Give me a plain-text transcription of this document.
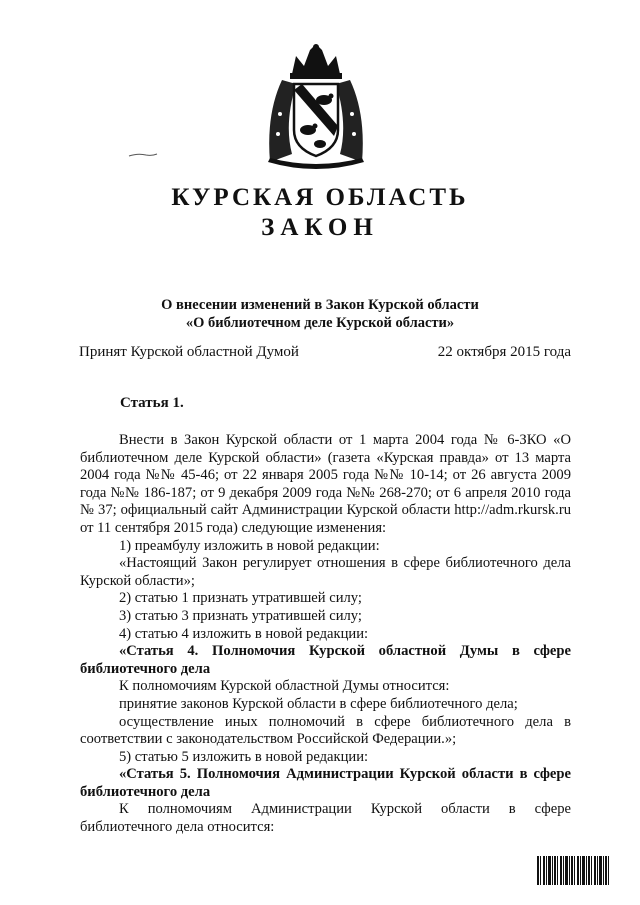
КУРСКАЯ ОБЛАСТЬ
ЗАКОН
О внесении изменений в Закон Курской области
«О библиотечном деле Курской области»
Принят Курской областной Думой	22 октября 2015 года
Статья 1.

Внести в Закон Курской области от 1 марта 2004 года № 6-ЗКО «О библиотечном деле Курской области» (газета «Курская правда» от 13 марта 2004 года №№ 45-46; от 22 января 2005 года №№ 10-14; от 26 августа 2009 года №№ 186-187; от 9 декабря 2009 года №№ 268-270; от 6 апреля 2010 года № 37; официальный сайт Администрации Курской области http://adm.rkursk.ru от 11 сентября 2015 года) следующие изменения:

1) преамбулу изложить в новой редакции:

«Настоящий Закон регулирует отношения в сфере библиотечного дела Курской области»;

2) статью 1 признать утратившей силу;

3) статью 3 признать утратившей силу;

4) статью 4 изложить в новой редакции:

«Статья 4. Полномочия Курской областной Думы в сфере библиотечного дела

К полномочиям Курской областной Думы относится:

принятие законов Курской области в сфере библиотечного дела;

осуществление иных полномочий в сфере библиотечного дела в соответствии с законодательством Российской Федерации.»;

5) статью 5 изложить в новой редакции:

«Статья 5. Полномочия Администрации Курской области в сфере библиотечного дела

К полномочиям Администрации Курской области в сфере библиотечного дела относится:
